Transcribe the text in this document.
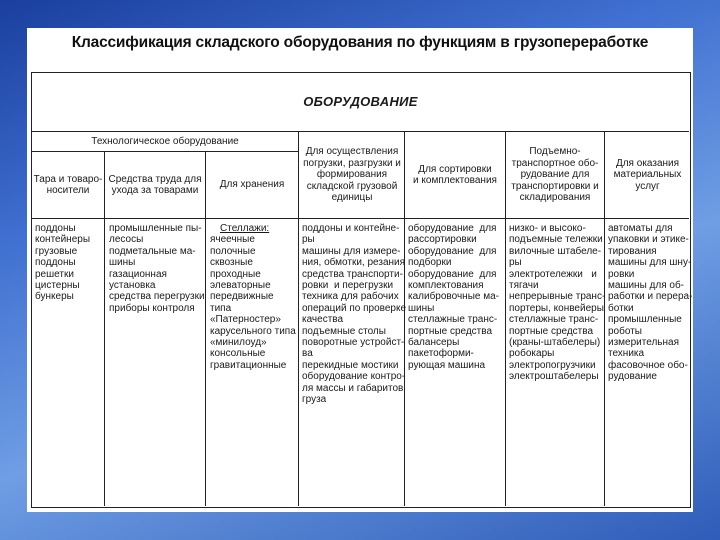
Классификация складского оборудования по функциям в грузопереработке
ОБОРУДОВАНИЕ
Технологическое оборудование
Тара и товаро-
носители
Средства труда для
ухода за товарами
Для хранения
Для осуществления
погрузки, разгрузки и
формирования
складской грузовой
единицы
Для сортировки
и комплектования
Подъемно-
транспортное обо-
рудование для
транспортировки и
складирования
Для оказания
материальных
услуг
поддоны
контейнеры
грузовые
поддоны
решетки
цистерны
бункеры
промышленные пы-
лесосы
подметальные ма-
шины
газационная
установка
средства перегрузки
приборы контроля
Стеллажи:
ячеечные
полочные
сквозные
проходные
элеваторные
передвижные
типа
«Патерностер»
карусельного типа
«минилоуд»
консольные
гравитационные
поддоны и контейне-
ры
машины для измере-
ния, обмотки, резания
средства транспорти-
ровки  и перегрузки
техника для рабочих
операций по проверке
качества
подъемные столы
поворотные устройст-
ва
перекидные мостики
оборудование контро-
ля массы и габаритов
груза
оборудование  для
рассортировки
оборудование  для
подборки
оборудование  для
комплектования
калибровочные ма-
шины
стеллажные транс-
портные средства
балансеры
пакетоформи-
рующая машина
низко- и высоко-
подъемные тележки
вилочные штабеле-
ры
электротележки   и
тягачи
непрерывные транс-
портеры, конвейеры
стеллажные транс-
портные средства
(краны-штабелеры)
робокары
электропогрузчики
электроштабелеры
автоматы для
упаковки и этике-
тирования
машины для шну-
ровки
машины для об-
работки и перера-
ботки
промышленные
роботы
измерительная
техника
фасовочное обо-
рудование
